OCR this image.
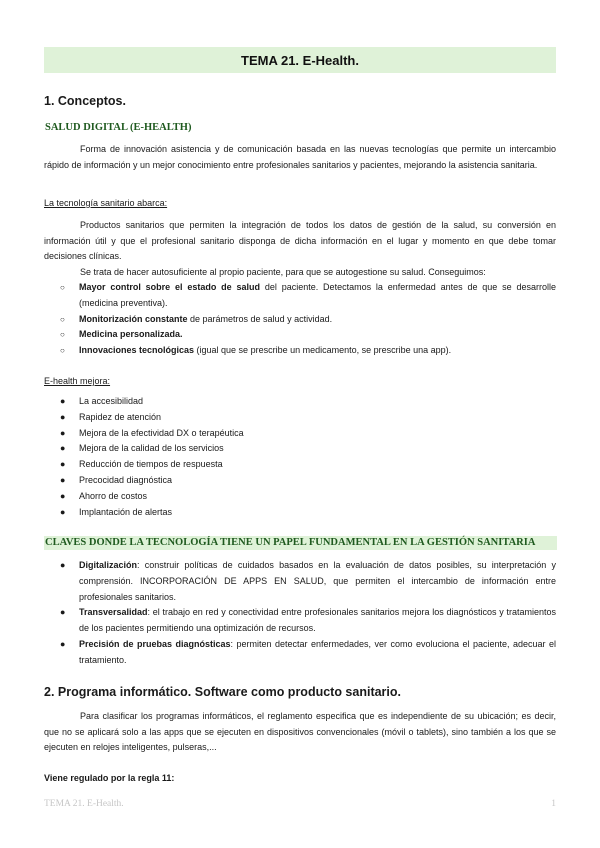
TEMA 21. E-Health.
1. Conceptos.
SALUD DIGITAL (E-HEALTH)
Forma de innovación asistencia y de comunicación basada en las nuevas tecnologías que permite un intercambio rápido de información y un mejor conocimiento entre profesionales sanitarios y pacientes, mejorando la asistencia sanitaria.
La tecnología sanitario abarca:
Productos sanitarios que permiten la integración de todos los datos de gestión de la salud, su conversión en información útil y que el profesional sanitario disponga de dicha información en el lugar y momento en que debe tomar decisiones clínicas.
Se trata de hacer autosuficiente al propio paciente, para que se autogestione su salud. Conseguimos:
○ Mayor control sobre el estado de salud del paciente. Detectamos la enfermedad antes de que se desarrolle (medicina preventiva).
○ Monitorización constante de parámetros de salud y actividad.
○ Medicina personalizada.
○ Innovaciones tecnológicas (igual que se prescribe un medicamento, se prescribe una app).
E-health mejora:
● La accesibilidad
● Rapidez de atención
● Mejora de la efectividad DX o terapéutica
● Mejora de la calidad de los servicios
● Reducción de tiempos de respuesta
● Precocidad diagnóstica
● Ahorro de costos
● Implantación de alertas
CLAVES DONDE LA TECNOLOGÍA TIENE UN PAPEL FUNDAMENTAL EN LA GESTIÓN SANITARIA
● Digitalización: construir políticas de cuidados basados en la evaluación de datos posibles, su interpretación y comprensión. INCORPORACIÓN DE APPS EN SALUD, que permiten el intercambio de información entre profesionales sanitarios.
● Transversalidad: el trabajo en red y conectividad entre profesionales sanitarios mejora los diagnósticos y tratamientos de los pacientes permitiendo una optimización de recursos.
● Precisión de pruebas diagnósticas: permiten detectar enfermedades, ver como evoluciona el paciente, adecuar el tratamiento.
2. Programa informático. Software como producto sanitario.
Para clasificar los programas informáticos, el reglamento especifica que es independiente de su ubicación; es decir, que no se aplicará solo a las apps que se ejecuten en dispositivos convencionales (móvil o tablets), sino también a los que se ejecuten en relojes inteligentes, pulseras,...
Viene regulado por la regla 11:
TEMA 21. E-Health.	1
